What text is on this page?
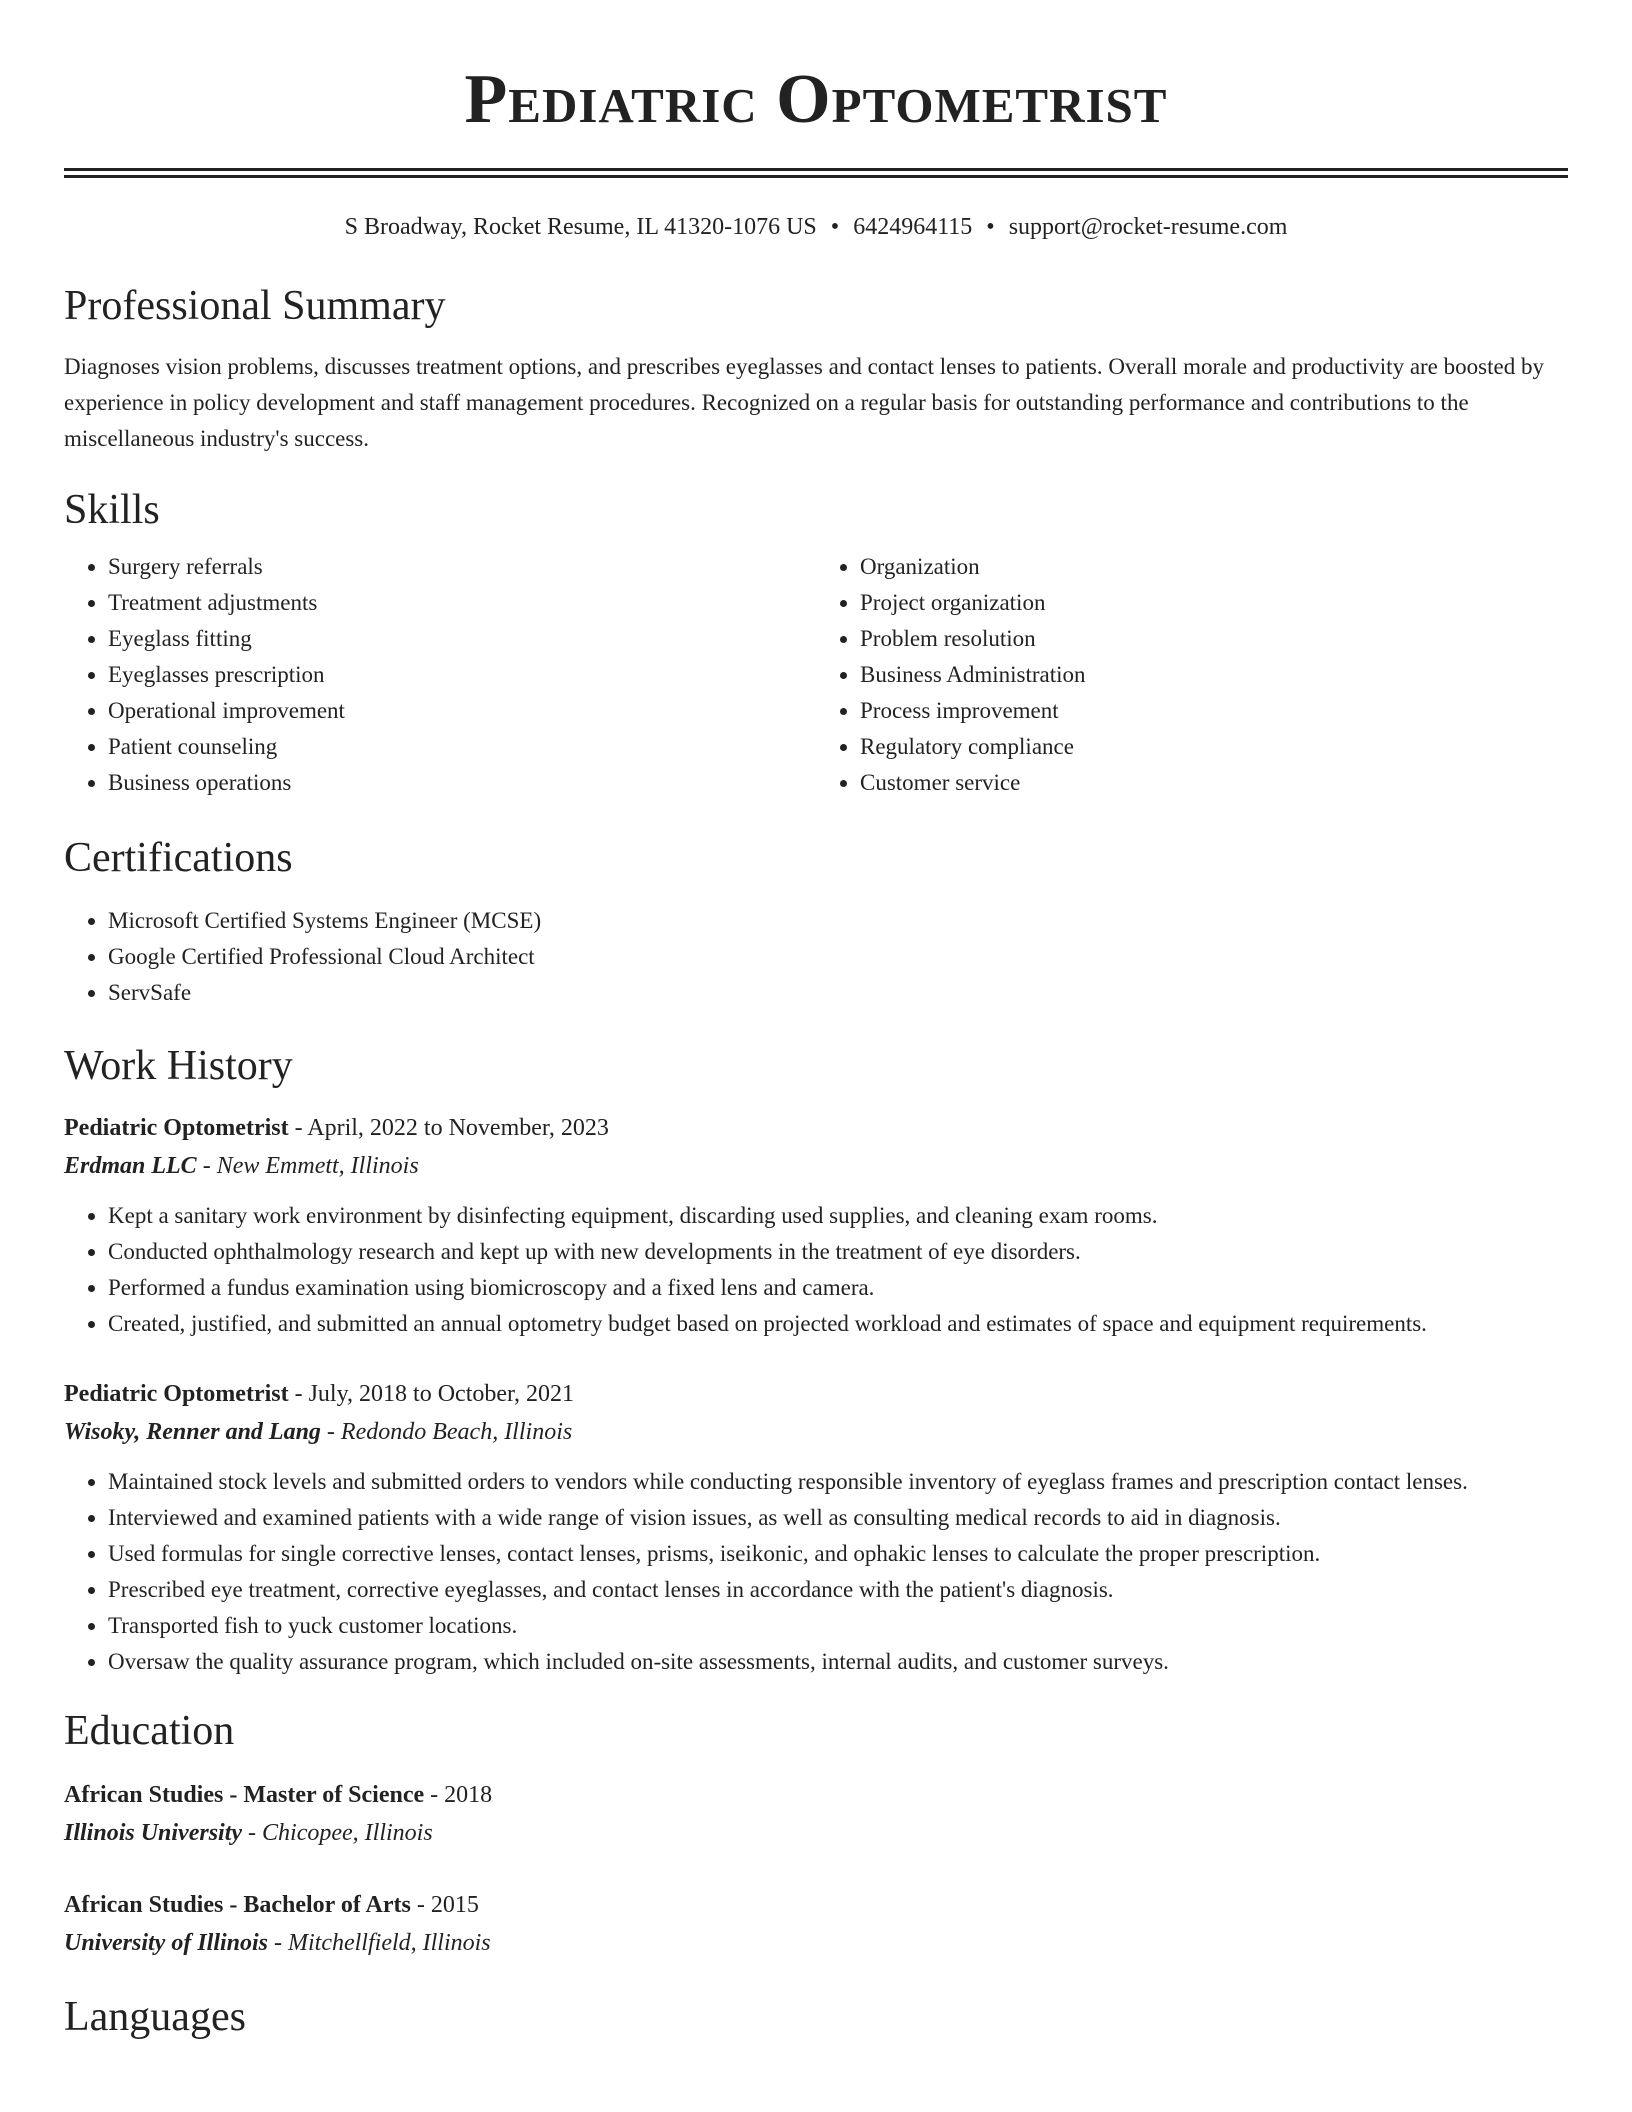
Pediatric Optometrist
S Broadway, Rocket Resume, IL 41320-1076 US • 6424964115 • support@rocket-resume.com
Professional Summary

Diagnoses vision problems, discusses treatment options, and prescribes eyeglasses and contact lenses to patients. Overall morale and productivity are boosted by experience in policy development and staff management procedures. Recognized on a regular basis for outstanding performance and contributions to the miscellaneous industry's success.

Skills
• Surgery referrals
• Treatment adjustments
• Eyeglass fitting
• Eyeglasses prescription
• Operational improvement
• Patient counseling
• Business operations
• Organization
• Project organization
• Problem resolution
• Business Administration
• Process improvement
• Regulatory compliance
• Customer service
Certifications
• Microsoft Certified Systems Engineer (MCSE)
• Google Certified Professional Cloud Architect
• ServSafe
Work History
Pediatric Optometrist - April, 2022 to November, 2023
Erdman LLC - New Emmett, Illinois
• Kept a sanitary work environment by disinfecting equipment, discarding used supplies, and cleaning exam rooms.
• Conducted ophthalmology research and kept up with new developments in the treatment of eye disorders.
• Performed a fundus examination using biomicroscopy and a fixed lens and camera.
• Created, justified, and submitted an annual optometry budget based on projected workload and estimates of space and equipment requirements.
Pediatric Optometrist - July, 2018 to October, 2021
Wisoky, Renner and Lang - Redondo Beach, Illinois
• Maintained stock levels and submitted orders to vendors while conducting responsible inventory of eyeglass frames and prescription contact lenses.
• Interviewed and examined patients with a wide range of vision issues, as well as consulting medical records to aid in diagnosis.
• Used formulas for single corrective lenses, contact lenses, prisms, iseikonic, and ophakic lenses to calculate the proper prescription.
• Prescribed eye treatment, corrective eyeglasses, and contact lenses in accordance with the patient's diagnosis.
• Transported fish to yuck customer locations.
• Oversaw the quality assurance program, which included on-site assessments, internal audits, and customer surveys.
Education
African Studies - Master of Science - 2018
Illinois University - Chicopee, Illinois
African Studies - Bachelor of Arts - 2015
University of Illinois - Mitchellfield, Illinois
Languages
